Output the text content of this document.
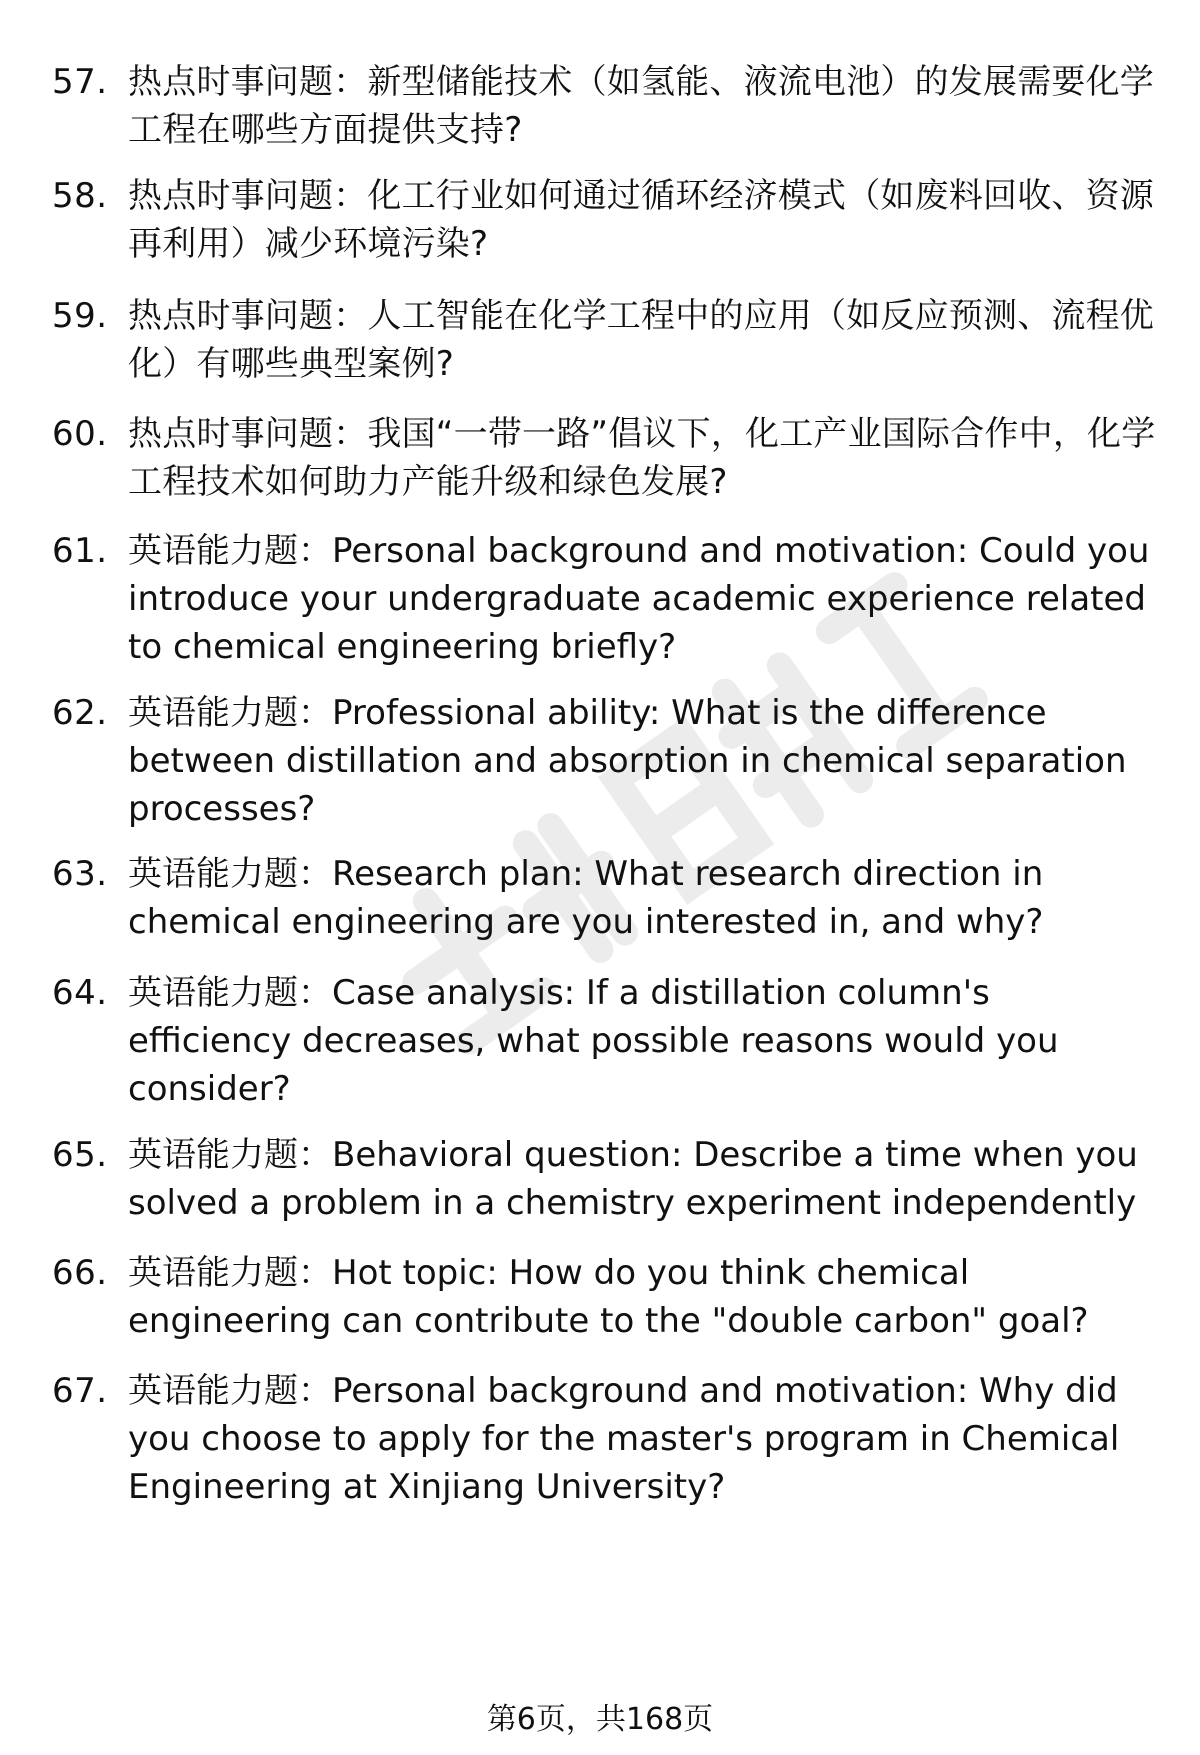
57. 热点时事问题：新型储能技术（如氢能、液流电池）的发展需要化学工程在哪些方面提供支持?
58. 热点时事问题：化工行业如何通过循环经济模式（如废料回收、资源再利用）减少环境污染?
59. 热点时事问题：人工智能在化学工程中的应用（如反应预测、流程优化）有哪些典型案例?
60. 热点时事问题：我国“一带一路”倡议下，化工产业国际合作中，化学工程技术如何助力产能升级和绿色发展?
61. 英语能力题：Personal background and motivation: Could you introduce your undergraduate academic experience related to chemical engineering briefly?
62. 英语能力题：Professional ability: What is the difference between distillation and absorption in chemical separation processes?
63. 英语能力题：Research plan: What research direction in chemical engineering are you interested in, and why?
64. 英语能力题：Case analysis: If a distillation column's efficiency decreases, what possible reasons would you consider?
65. 英语能力题：Behavioral question: Describe a time when you solved a problem in a chemistry experiment independently
66. 英语能力题：Hot topic: How do you think chemical engineering can contribute to the "double carbon" goal?
67. 英语能力题：Personal background and motivation: Why did you choose to apply for the master's program in Chemical Engineering at Xinjiang University?
第6页，共168页
